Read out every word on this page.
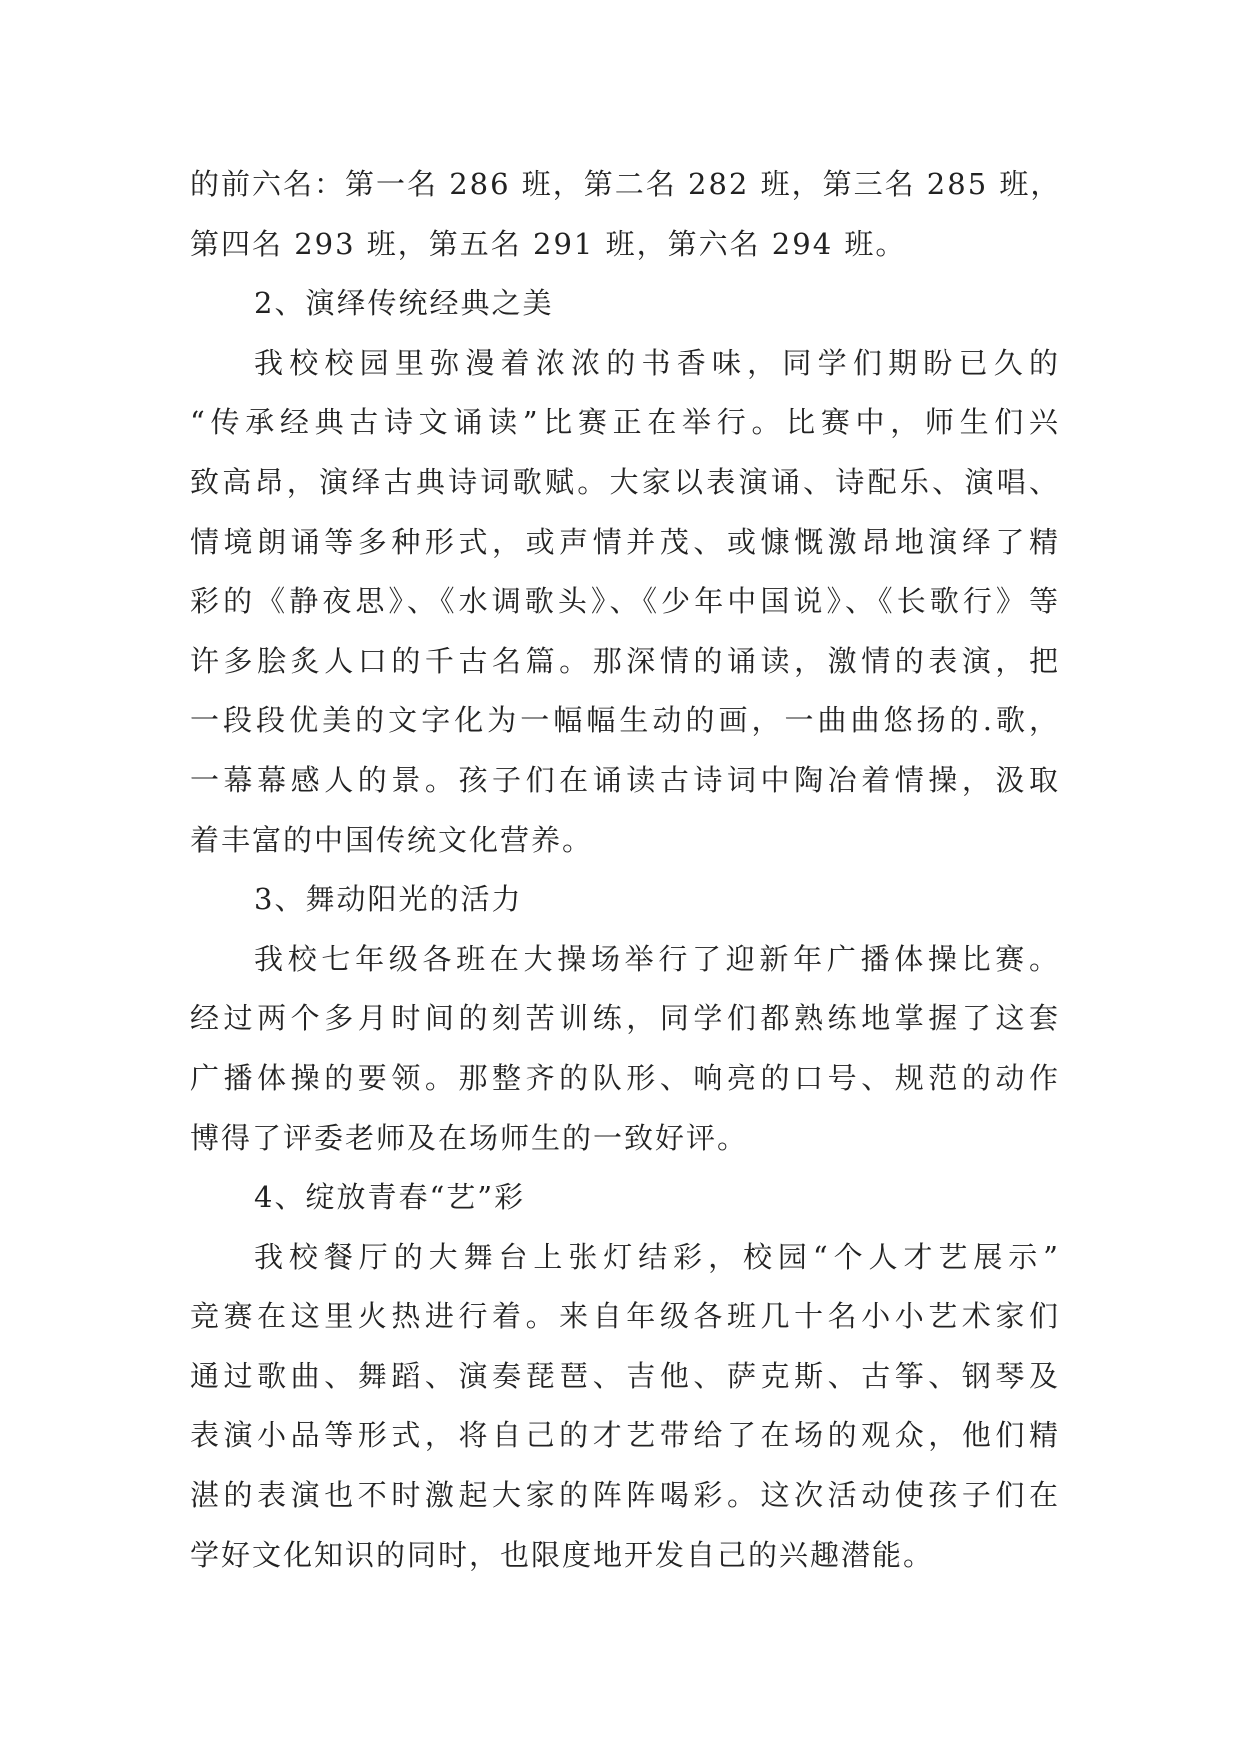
的前六名：第一名 286 班，第二名 282 班，第三名 285 班，
第四名 293 班，第五名 291 班，第六名 294 班。
2、演绎传统经典之美
我校校园里弥漫着浓浓的书香味，同学们期盼已久的
“传承经典古诗文诵读”比赛正在举行。比赛中，师生们兴
致高昂，演绎古典诗词歌赋。大家以表演诵、诗配乐、演唱、
情境朗诵等多种形式，或声情并茂、或慷慨激昂地演绎了精
彩的《静夜思》、《水调歌头》、《少年中国说》、《长歌行》等
许多脍炙人口的千古名篇。那深情的诵读，激情的表演，把
一段段优美的文字化为一幅幅生动的画，一曲曲悠扬的.歌，
一幕幕感人的景。孩子们在诵读古诗词中陶冶着情操，汲取
着丰富的中国传统文化营养。
3、舞动阳光的活力
我校七年级各班在大操场举行了迎新年广播体操比赛。
经过两个多月时间的刻苦训练，同学们都熟练地掌握了这套
广播体操的要领。那整齐的队形、响亮的口号、规范的动作
博得了评委老师及在场师生的一致好评。
4、绽放青春“艺”彩
我校餐厅的大舞台上张灯结彩，校园“个人才艺展示”
竞赛在这里火热进行着。来自年级各班几十名小小艺术家们
通过歌曲、舞蹈、演奏琵琶、吉他、萨克斯、古筝、钢琴及
表演小品等形式，将自己的才艺带给了在场的观众，他们精
湛的表演也不时激起大家的阵阵喝彩。这次活动使孩子们在
学好文化知识的同时，也限度地开发自己的兴趣潜能。
